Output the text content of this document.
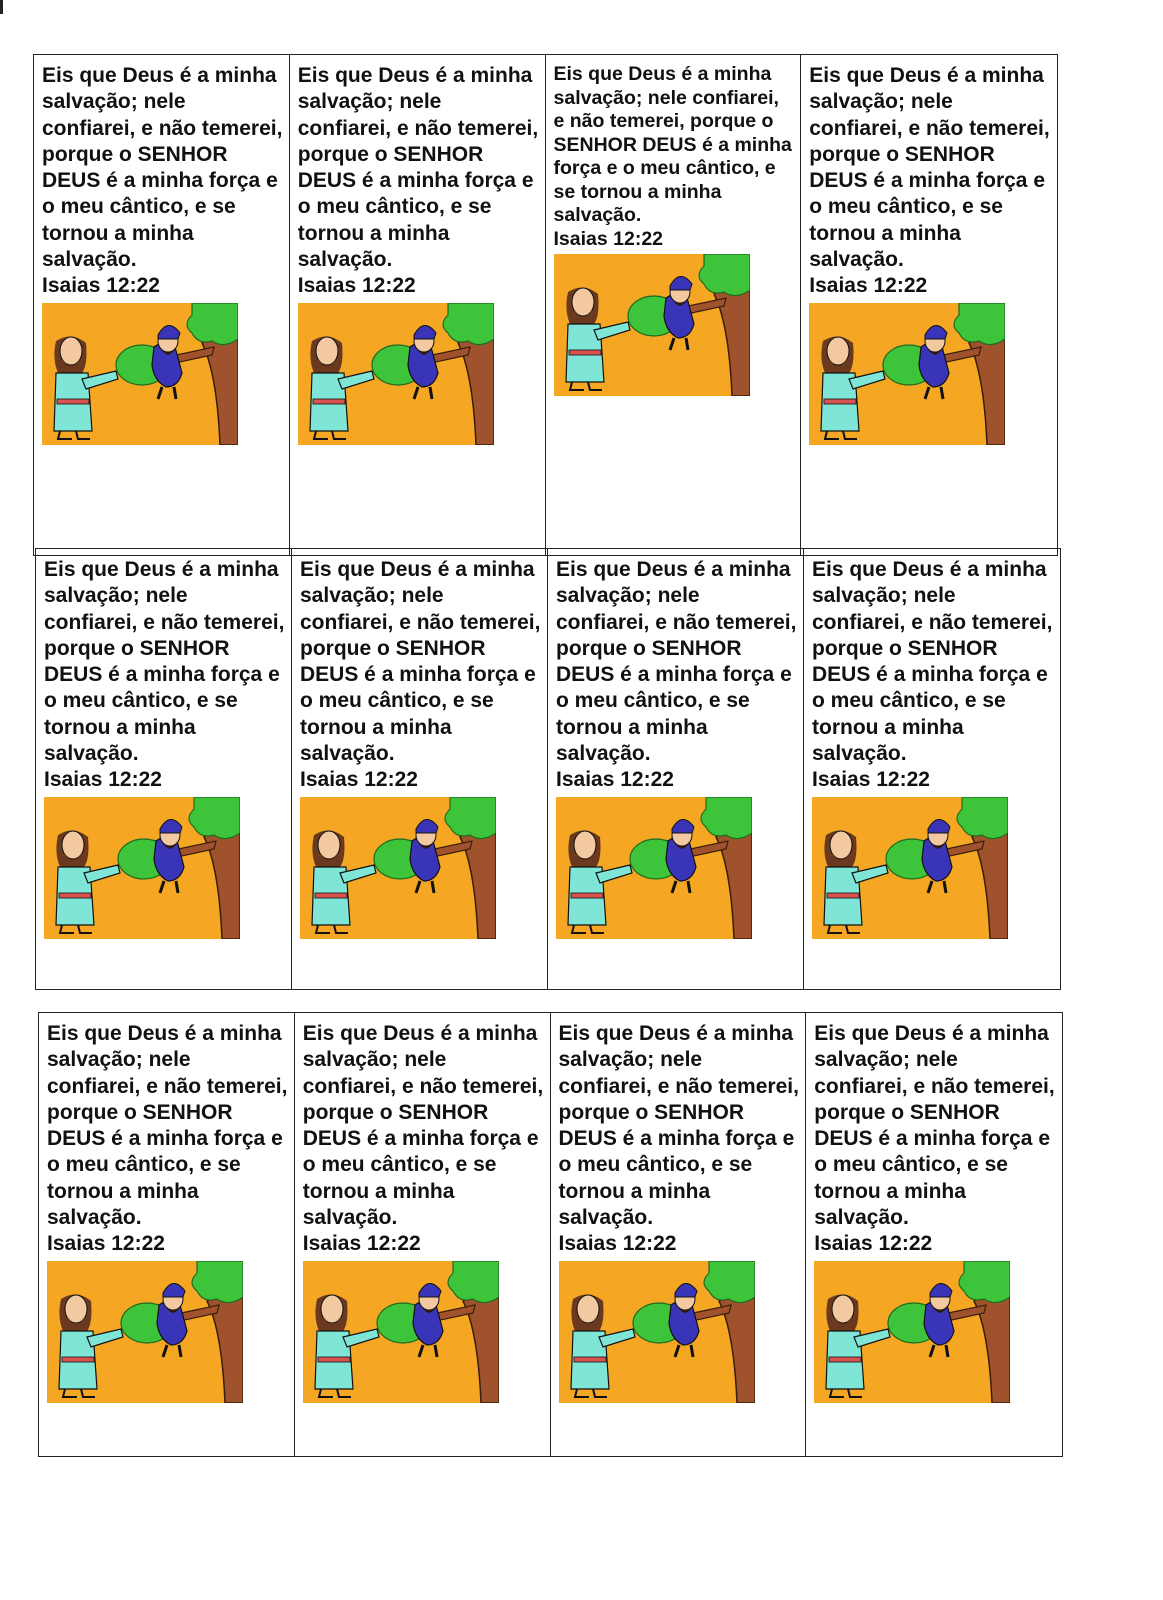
Eis que Deus é a minha salvação; nele confiarei, e não temerei, porque o SENHOR DEUS é a minha força e o meu cântico, e se tornou a minha salvação.

Isaias 12:22

Eis que Deus é a minha salvação; nele confiarei, e não temerei, porque o SENHOR DEUS é a minha força e o meu cântico, e se tornou a minha salvação.

Isaias 12:22

Eis que Deus é a minha salvação; nele confiarei, e não temerei, porque o SENHOR DEUS é a minha força e o meu cântico, e se tornou a minha salvação.

Isaias 12:22

Eis que Deus é a minha salvação; nele confiarei, e não temerei, porque o SENHOR DEUS é a minha força e o meu cântico, e se tornou a minha salvação.

Isaias 12:22

Eis que Deus é a minha salvação; nele confiarei, e não temerei, porque o SENHOR DEUS é a minha força e o meu cântico, e se tornou a minha salvação.

Isaias 12:22

Eis que Deus é a minha salvação; nele confiarei, e não temerei, porque o SENHOR DEUS é a minha força e o meu cântico, e se tornou a minha salvação.

Isaias 12:22

Eis que Deus é a minha salvação; nele confiarei, e não temerei, porque o SENHOR DEUS é a minha força e o meu cântico, e se tornou a minha salvação.

Isaias 12:22

Eis que Deus é a minha salvação; nele confiarei, e não temerei, porque o SENHOR DEUS é a minha força e o meu cântico, e se tornou a minha salvação.

Isaias 12:22

Eis que Deus é a minha salvação; nele confiarei, e não temerei, porque o SENHOR DEUS é a minha força e o meu cântico, e se tornou a minha salvação.

Isaias 12:22

Eis que Deus é a minha salvação; nele confiarei, e não temerei, porque o SENHOR DEUS é a minha força e o meu cântico, e se tornou a minha salvação.

Isaias 12:22

Eis que Deus é a minha salvação; nele confiarei, e não temerei, porque o SENHOR DEUS é a minha força e o meu cântico, e se tornou a minha salvação.

Isaias 12:22

Eis que Deus é a minha salvação; nele confiarei, e não temerei, porque o SENHOR DEUS é a minha força e o meu cântico, e se tornou a minha salvação.

Isaias 12:22
